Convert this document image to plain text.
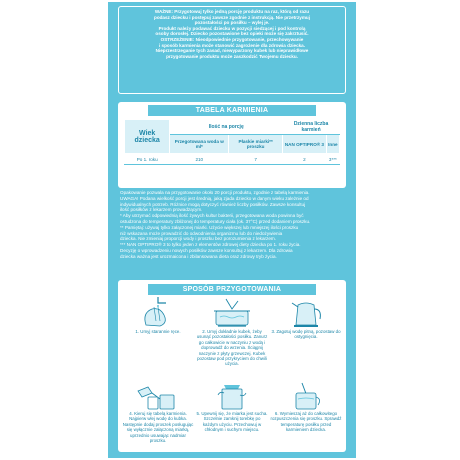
WAŻNE: Przygotowuj tylko jedną porcję produktu na raz, którą od razu

podasz dziecku i postępuj zawsze zgodnie z instrukcją. Nie przetrzymuj

pozostałości po posiłku – wylej je.

Produkt należy podawać dziecku w pozycji siedzącej i pod kontrolą

osoby dorosłej. Dziecko pozostawione bez opieki może się zakrztusić.

OSTRZEŻENIE: Nieodpowiednie przygotowanie, przechowywanie

i sposób karmienia może stanowić zagrożenie dla zdrowia dziecka.

Nieprzestrzeganie tych zasad, niewyparzony kubek lub nieprawidłowe

przygotowanie produktu może zaszkodzić Twojemu dziecku.

TABELA KARMIENIA
Wiek dziecka	Ilość na porcję		Dzienna liczba karmień	
	Przegotowana woda w ml*	Płaskie miarki** proszku	NAN OPTIPRO® 3	Inne
Po 1. roku	210	7	2	3***

Opakowanie pozwala na przygotowanie około 20 porcji produktu, zgodnie z tabelą karmienia.

UWAGA! Podana wielkość porcji jest średnią, jaką zjada dziecko w danym wieku zależnie od

indywidualnych potrzeb. Różnice mogą dotyczyć również liczby posiłków. Zawsze konsultuj

ilość posiłków z lekarzem prowadzącym.

* Aby utrzymać odpowiednią ilość żywych kultur bakterii, przegotowana woda powinna być

ostudzona do temperatury zbliżonej do temperatury ciała (ok. 37°C) przed dodaniem proszku.

** Pamiętaj: używaj tylko załączonej miarki. Użycie większej lub mniejszej ilości proszku

niż wskazana może prowadzić do odwodnienia organizmu lub do niedożywienia

dziecka. Nie zmieniaj proporcji wody i proszku bez porozumienia z lekarzem.

*** NAN OPTIPRO® 3 to tylko jeden z elementów zdrowej diety dziecka po 1. roku życia.

Decyzję o wprowadzeniu nowych posiłków zawsze konsultuj z lekarzem. Dla zdrowia

dziecka ważna jest urozmaicona i zbilansowana dieta oraz zdrowy tryb życia.

SPOSÓB PRZYGOTOWANIA

1. Umyj starannie ręce.	2. Umyj dokładnie kubek, żeby usunąć pozostałości posiłku. Zanurz go całkowicie w naczyniu z wodą i doprowadź do wrzenia. Ściągnij naczynie z płyty grzewczej. Kubek pozostaw pod przykryciem do chwili użycia.

3. Zagotuj wodę pitną, pozostaw do ostygnięcia.

4. Kieruj się tabelą karmienia. Najpierw wlej wodę do kubka. Następnie dodaj proszek posługując się wyłącznie załączoną miarką, uprzednio usuwając nadmiar proszku.

5. Upewnij się, że miarka jest sucha. Szczelnie zamknij torebkę po każdym użyciu. Przechowuj w chłodnym i suchym miejscu.

6. Wymieszaj aż do całkowitego rozpuszczenia się proszku. Sprawdź temperaturę posiłku przed karmieniem dziecka.
